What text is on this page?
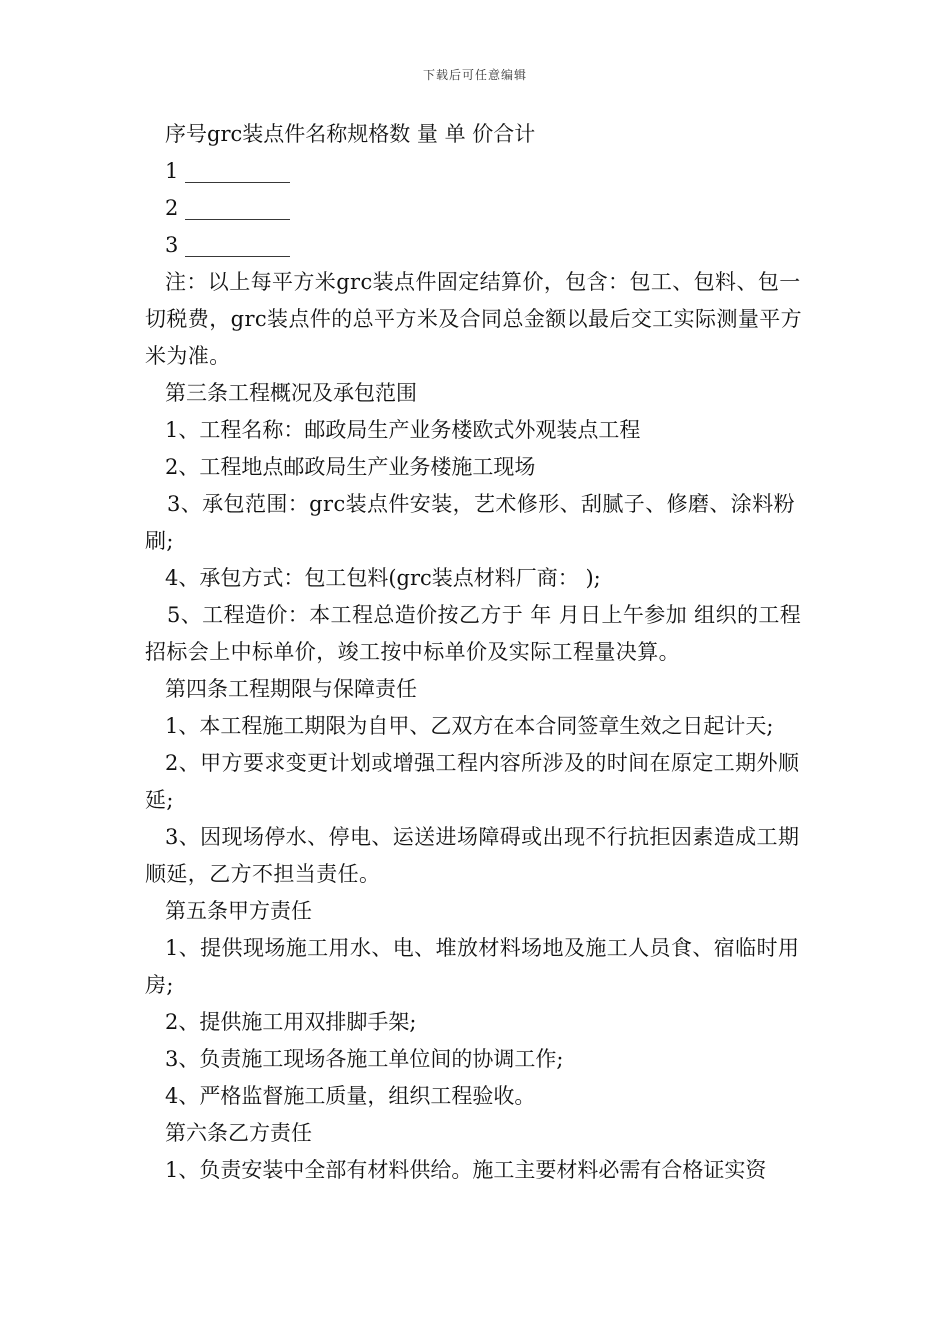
下载后可任意编辑
序号grc装点件名称规格数 量 单 价合计
1 __________
2 __________
3 __________
注：以上每平方米grc装点件固定结算价，包含：包工、包料、包一切税费，grc装点件的总平方米及合同总金额以最后交工实际测量平方米为准。
第三条工程概况及承包范围
1、工程名称：邮政局生产业务楼欧式外观装点工程
2、工程地点邮政局生产业务楼施工现场
3、承包范围：grc装点件安装，艺术修形、刮腻子、修磨、涂料粉刷;
4、承包方式：包工包料(grc装点材料厂商： );
5、工程造价：本工程总造价按乙方于 年 月日上午参加 组织的工程招标会上中标单价，竣工按中标单价及实际工程量决算。
第四条工程期限与保障责任
1、本工程施工期限为自甲、乙双方在本合同签章生效之日起计天;
2、甲方要求变更计划或增强工程内容所涉及的时间在原定工期外顺延;
3、因现场停水、停电、运送进场障碍或出现不行抗拒因素造成工期顺延，乙方不担当责任。
第五条甲方责任
1、提供现场施工用水、电、堆放材料场地及施工人员食、宿临时用房;
2、提供施工用双排脚手架;
3、负责施工现场各施工单位间的协调工作;
4、严格监督施工质量，组织工程验收。
第六条乙方责任
1、负责安装中全部有材料供给。施工主要材料必需有合格证实资
